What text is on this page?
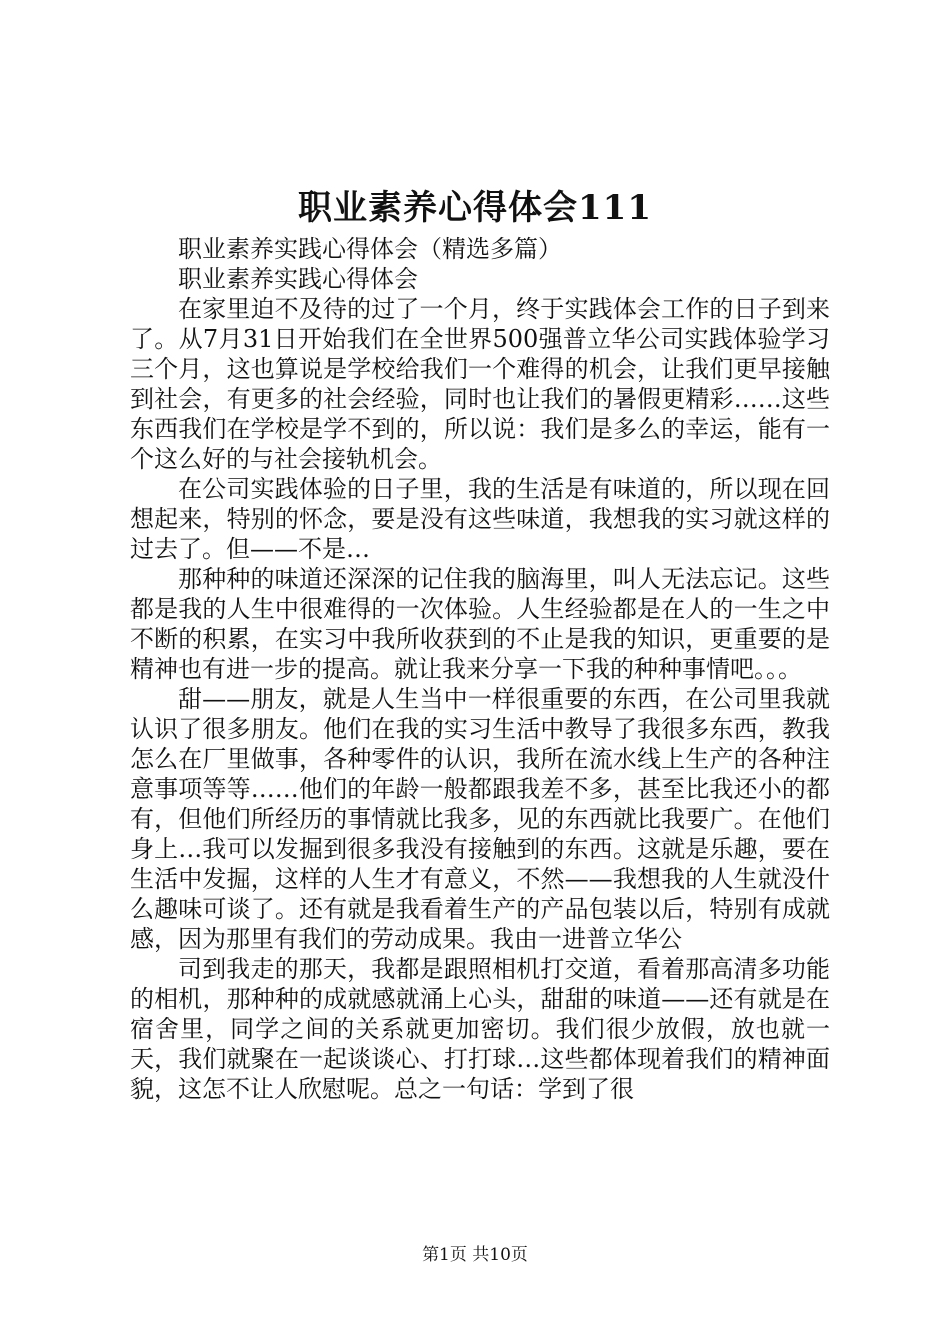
职业素养心得体会111

职业素养实践心得体会（精选多篇）

职业素养实践心得体会

在家里迫不及待的过了一个月，终于实践体会工作的日子到来了。从7月31日开始我们在全世界500强普立华公司实践体验学习三个月，这也算说是学校给我们一个难得的机会，让我们更早接触到社会，有更多的社会经验，同时也让我们的暑假更精彩……这些东西我们在学校是学不到的，所以说：我们是多么的幸运，能有一个这么好的与社会接轨机会。

在公司实践体验的日子里，我的生活是有味道的，所以现在回想起来，特别的怀念，要是没有这些味道，我想我的实习就这样的过去了。但——不是…

那种种的味道还深深的记住我的脑海里，叫人无法忘记。这些都是我的人生中很难得的一次体验。人生经验都是在人的一生之中不断的积累，在实习中我所收获到的不止是我的知识，更重要的是精神也有进一步的提高。就让我来分享一下我的种种事情吧。。。

甜——朋友，就是人生当中一样很重要的东西，在公司里我就认识了很多朋友。他们在我的实习生活中教导了我很多东西，教我怎么在厂里做事，各种零件的认识，我所在流水线上生产的各种注意事项等等……他们的年龄一般都跟我差不多，甚至比我还小的都有，但他们所经历的事情就比我多，见的东西就比我要广。在他们身上…我可以发掘到很多我没有接触到的东西。这就是乐趣，要在生活中发掘，这样的人生才有意义，不然——我想我的人生就没什么趣味可谈了。还有就是我看着生产的产品包装以后，特别有成就感，因为那里有我们的劳动成果。我由一进普立华公

司到我走的那天，我都是跟照相机打交道，看着那高清多功能的相机，那种种的成就感就涌上心头，甜甜的味道——还有就是在宿舍里，同学之间的关系就更加密切。我们很少放假，放也就一天，我们就聚在一起谈谈心、打打球…这些都体现着我们的精神面貌，这怎不让人欣慰呢。总之一句话：学到了很

第1页 共10页
